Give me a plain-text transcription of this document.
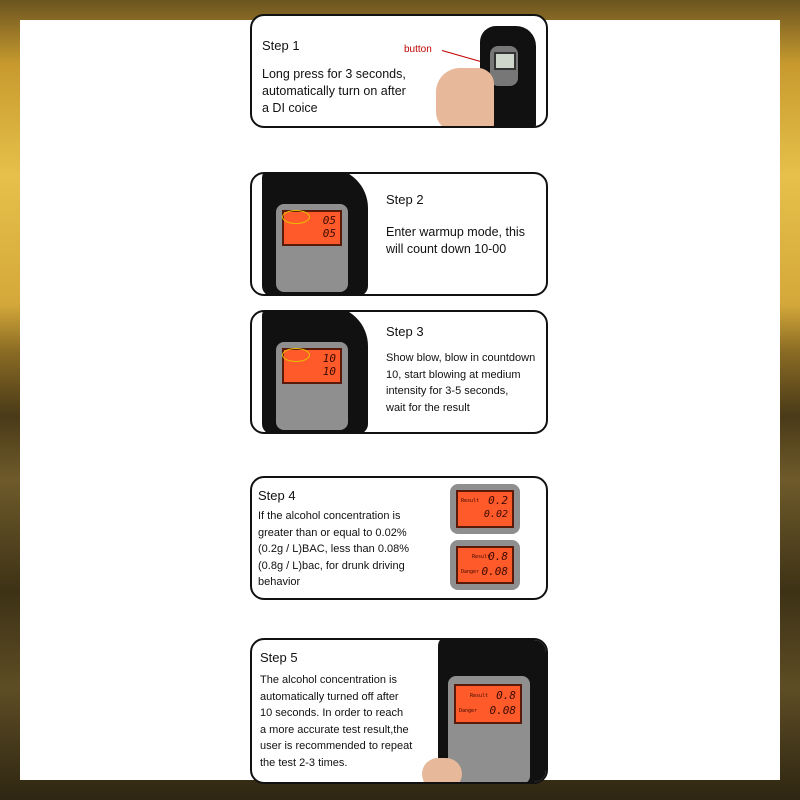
Step 1
Long press for 3 seconds,
automatically turn on after
a DI coice
button
05
05
Step 2
Enter warmup mode, this
will count down 10-00
10
10
Step 3
Show blow, blow in countdown
10, start blowing at medium
intensity for 3-5 seconds,
wait for the result
Step 4
If the alcohol concentration is
greater than or equal to 0.02%
(0.2g / L)BAC, less than 0.08%
(0.8g / L)bac, for drunk driving
behavior
Result 0.2
0.02
Result
Danger
0.8
0.08
Step 5
The alcohol concentration is
automatically turned off after
10 seconds. In order to reach
a more accurate test result,the
user is recommended to repeat
the test 2-3 times.
Result
Danger
0.8
0.08
